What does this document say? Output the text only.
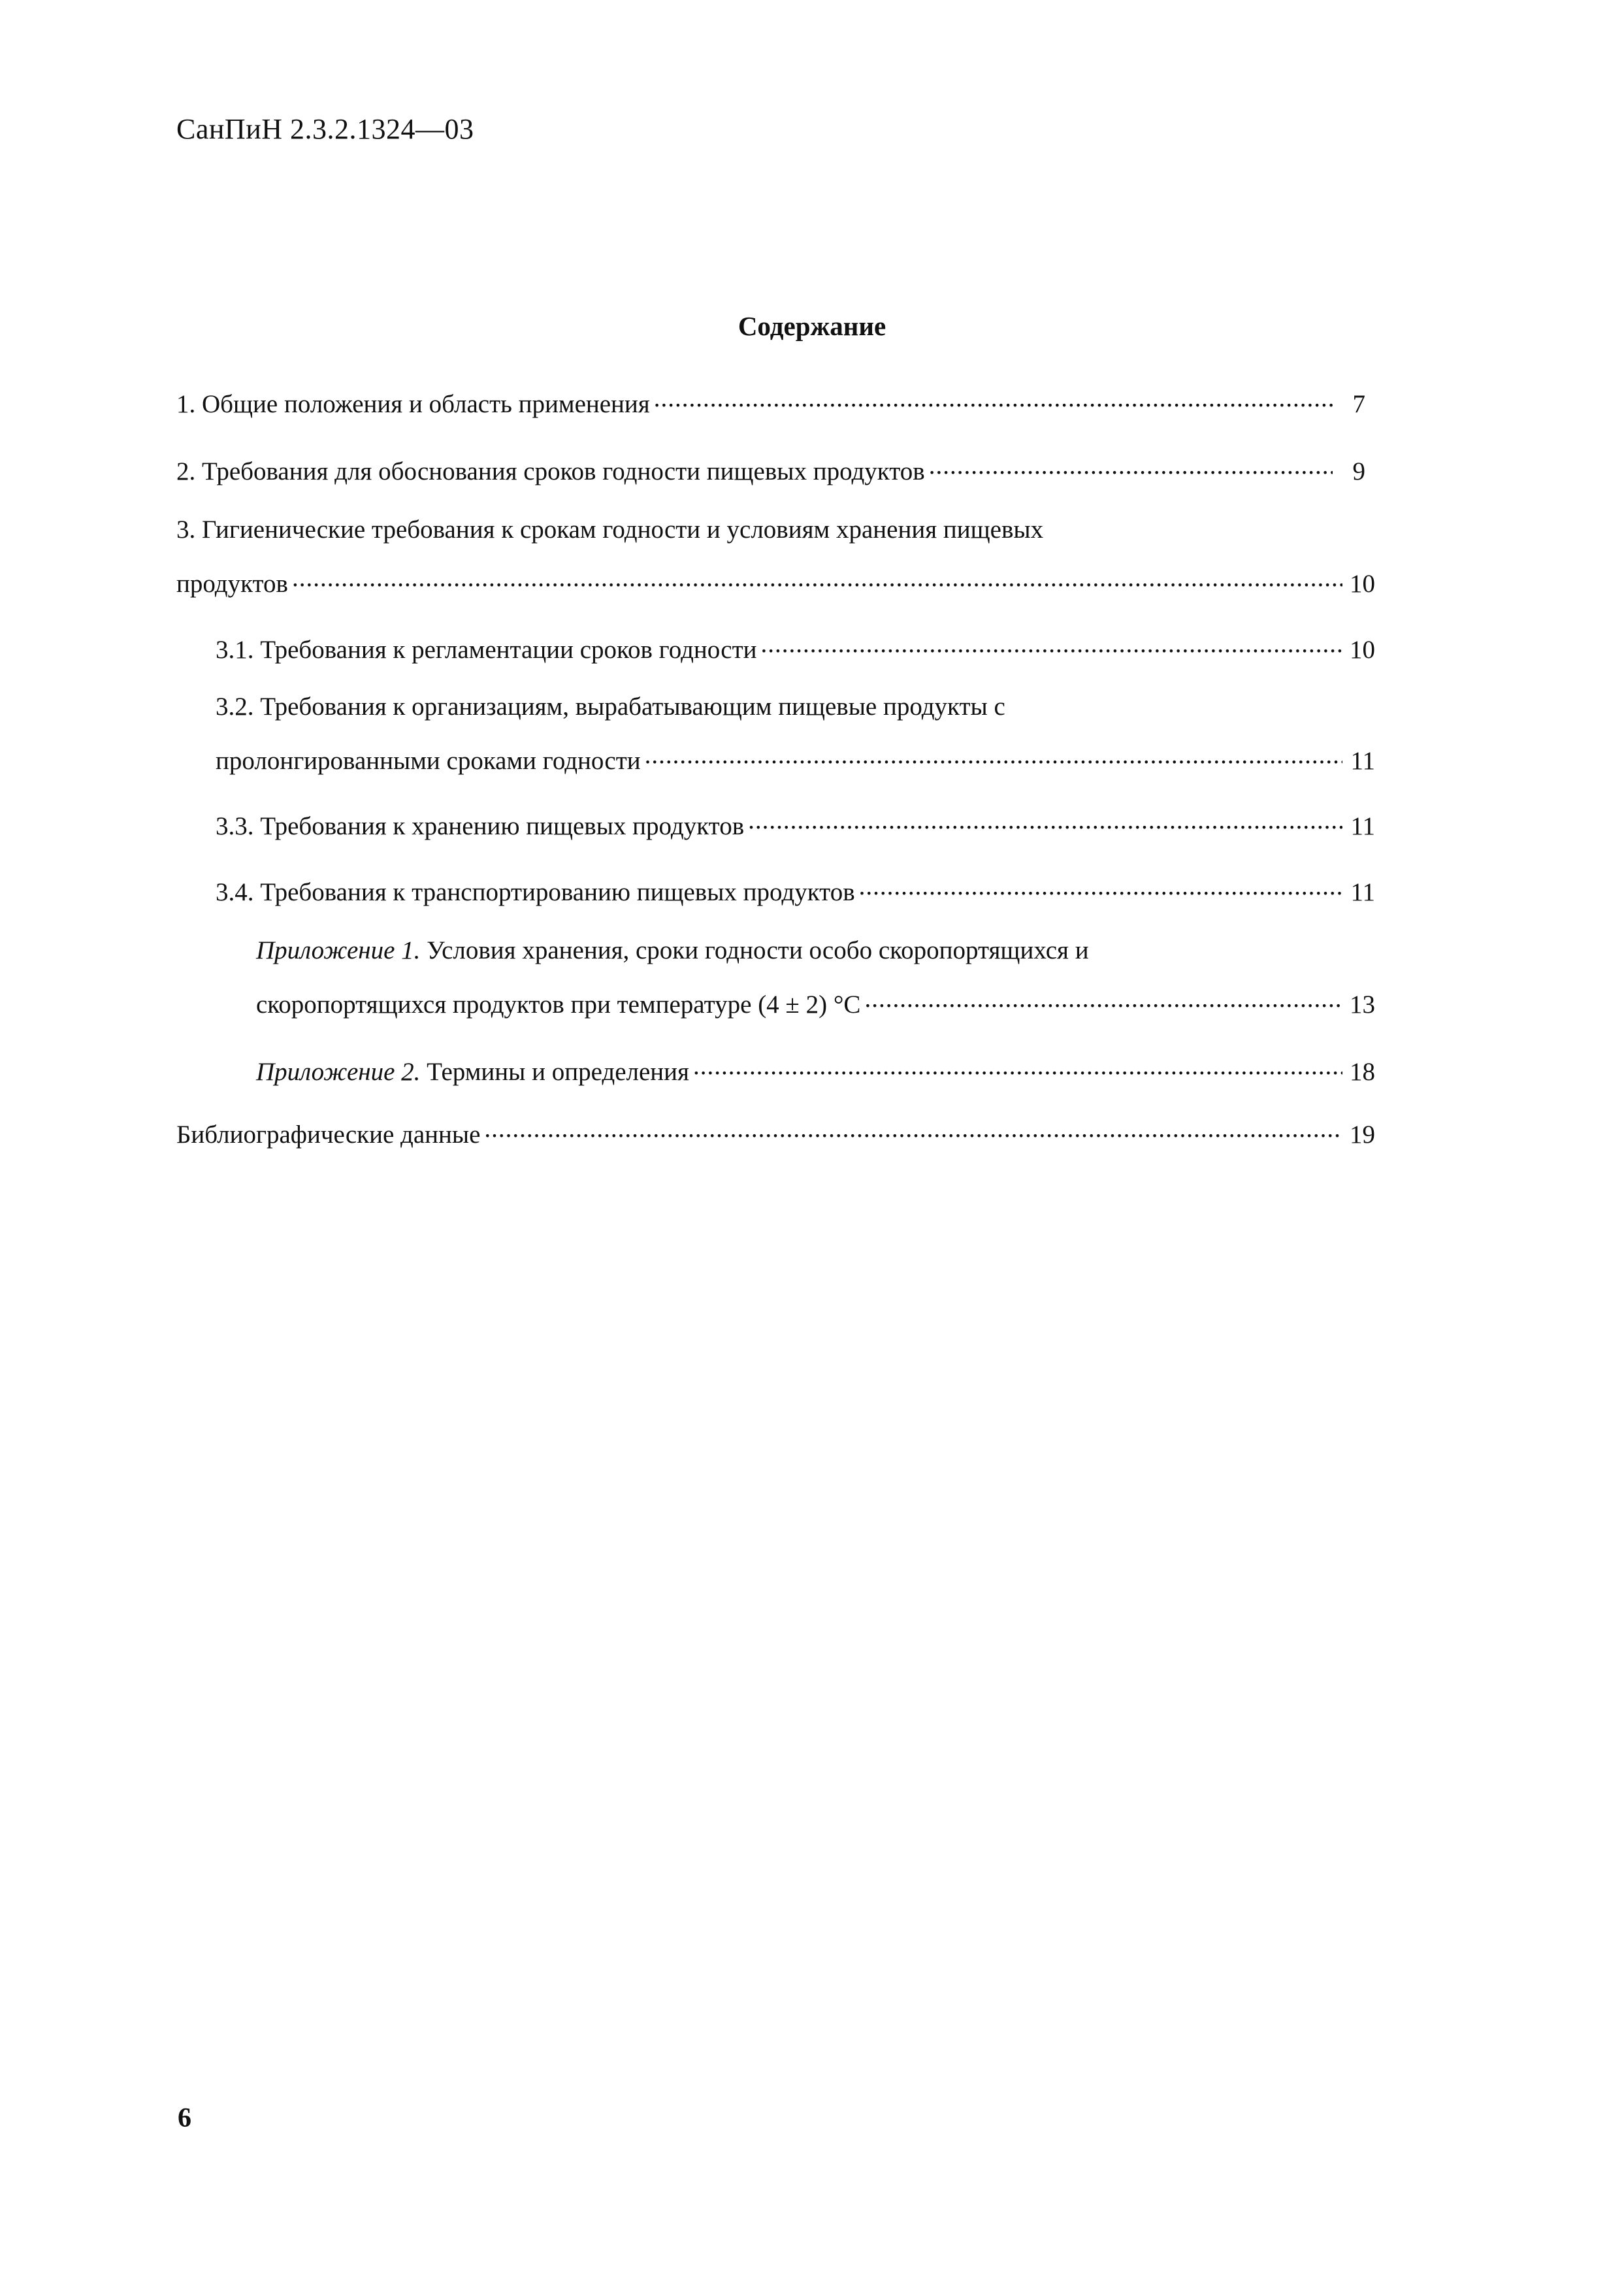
СанПиН 2.3.2.1324—03
Содержание
1. Общие положения и область применения .....	7
2. Требования для обоснования сроков годности пищевых продуктов .....	9
3. Гигиенические требования к срокам годности и условиям хранения пищевых
продуктов .....	10
3.1. Требования к регламентации сроков годности .....	10
3.2. Требования к организациям, вырабатывающим пищевые продукты с
пролонгированными сроками годности .....	11
3.3. Требования к хранению пищевых продуктов .....	11
3.4. Требования к транспортированию пищевых продуктов .....	11
Приложение 1. Условия хранения, сроки годности особо скоропортящихся и
скоропортящихся продуктов при температуре (4 ± 2) °С .....	13
Приложение 2. Термины и определения .....	18
Библиографические данные .....	19
6
